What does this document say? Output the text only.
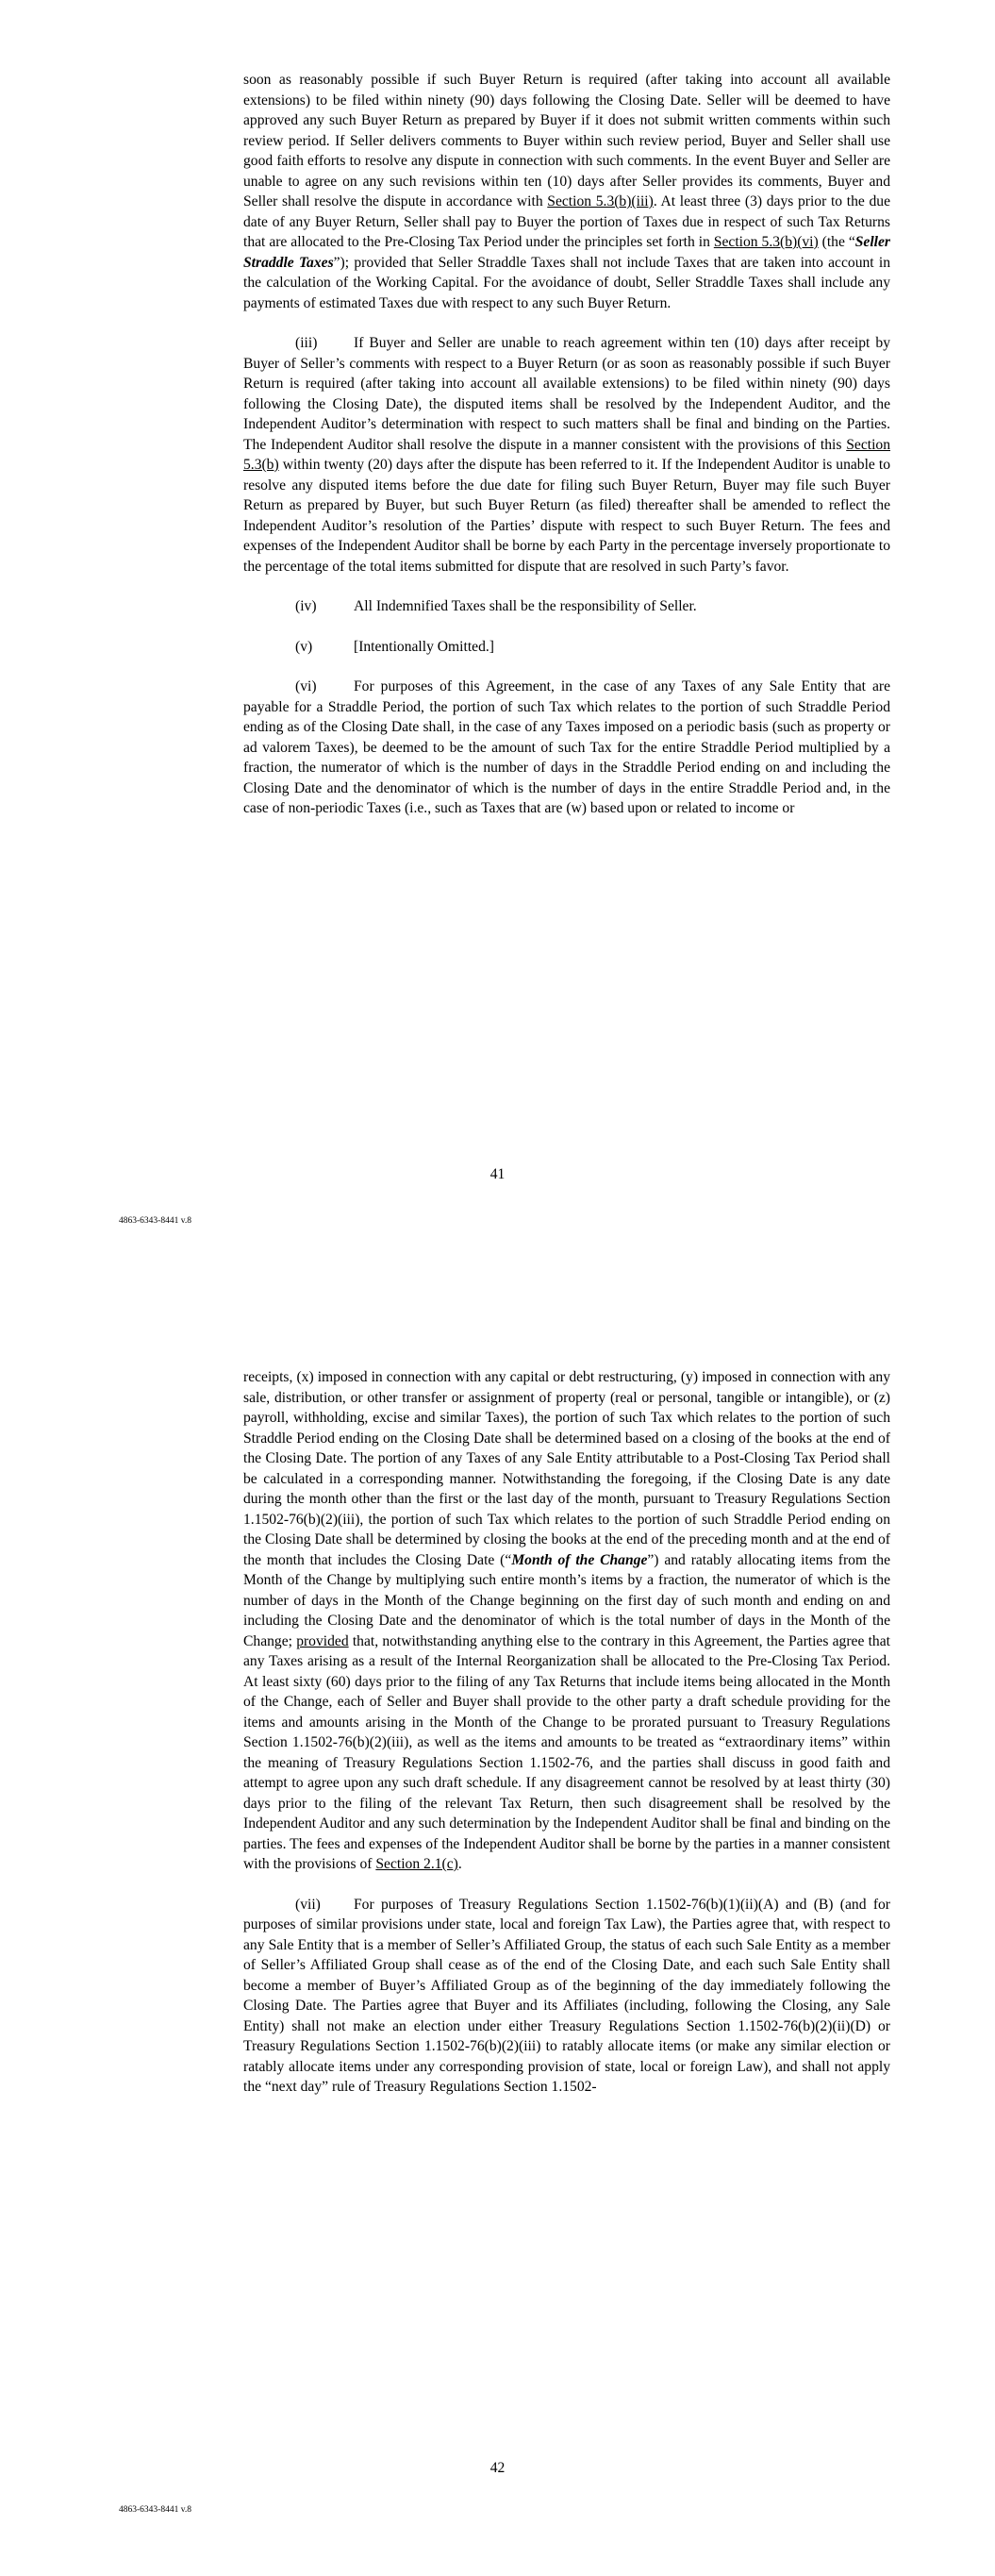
soon as reasonably possible if such Buyer Return is required (after taking into account all available extensions) to be filed within ninety (90) days following the Closing Date. Seller will be deemed to have approved any such Buyer Return as prepared by Buyer if it does not submit written comments within such review period. If Seller delivers comments to Buyer within such review period, Buyer and Seller shall use good faith efforts to resolve any dispute in connection with such comments. In the event Buyer and Seller are unable to agree on any such revisions within ten (10) days after Seller provides its comments, Buyer and Seller shall resolve the dispute in accordance with Section 5.3(b)(iii). At least three (3) days prior to the due date of any Buyer Return, Seller shall pay to Buyer the portion of Taxes due in respect of such Tax Returns that are allocated to the Pre-Closing Tax Period under the principles set forth in Section 5.3(b)(vi) (the “Seller Straddle Taxes”); provided that Seller Straddle Taxes shall not include Taxes that are taken into account in the calculation of the Working Capital. For the avoidance of doubt, Seller Straddle Taxes shall include any payments of estimated Taxes due with respect to any such Buyer Return.

(iii) If Buyer and Seller are unable to reach agreement within ten (10) days after receipt by Buyer of Seller’s comments with respect to a Buyer Return (or as soon as reasonably possible if such Buyer Return is required (after taking into account all available extensions) to be filed within ninety (90) days following the Closing Date), the disputed items shall be resolved by the Independent Auditor, and the Independent Auditor’s determination with respect to such matters shall be final and binding on the Parties. The Independent Auditor shall resolve the dispute in a manner consistent with the provisions of this Section 5.3(b) within twenty (20) days after the dispute has been referred to it. If the Independent Auditor is unable to resolve any disputed items before the due date for filing such Buyer Return, Buyer may file such Buyer Return as prepared by Buyer, but such Buyer Return (as filed) thereafter shall be amended to reflect the Independent Auditor’s resolution of the Parties’ dispute with respect to such Buyer Return. The fees and expenses of the Independent Auditor shall be borne by each Party in the percentage inversely proportionate to the percentage of the total items submitted for dispute that are resolved in such Party’s favor.

(iv)	All Indemnified Taxes shall be the responsibility of Seller.

(v)	[Intentionally Omitted.]

(vi)	For purposes of this Agreement, in the case of any Taxes of any Sale Entity that are payable for a Straddle Period, the portion of such Tax which relates to the portion of such Straddle Period ending as of the Closing Date shall, in the case of any Taxes imposed on a periodic basis (such as property or ad valorem Taxes), be deemed to be the amount of such Tax for the entire Straddle Period multiplied by a fraction, the numerator of which is the number of days in the Straddle Period ending on and including the Closing Date and the denominator of which is the number of days in the entire Straddle Period and, in the case of non-periodic Taxes (i.e., such as Taxes that are (w) based upon or related to income or

41
4863-6343-8441 v.8

receipts, (x) imposed in connection with any capital or debt restructuring, (y) imposed in connection with any sale, distribution, or other transfer or assignment of property (real or personal, tangible or intangible), or (z) payroll, withholding, excise and similar Taxes), the portion of such Tax which relates to the portion of such Straddle Period ending on the Closing Date shall be determined based on a closing of the books at the end of the Closing Date. The portion of any Taxes of any Sale Entity attributable to a Post-Closing Tax Period shall be calculated in a corresponding manner. Notwithstanding the foregoing, if the Closing Date is any date during the month other than the first or the last day of the month, pursuant to Treasury Regulations Section 1.1502-76(b)(2)(iii), the portion of such Tax which relates to the portion of such Straddle Period ending on the Closing Date shall be determined by closing the books at the end of the preceding month and at the end of the month that includes the Closing Date (“Month of the Change”) and ratably allocating items from the Month of the Change by multiplying such entire month’s items by a fraction, the numerator of which is the number of days in the Month of the Change beginning on the first day of such month and ending on and including the Closing Date and the denominator of which is the total number of days in the Month of the Change; provided that, notwithstanding anything else to the contrary in this Agreement, the Parties agree that any Taxes arising as a result of the Internal Reorganization shall be allocated to the Pre-Closing Tax Period. At least sixty (60) days prior to the filing of any Tax Returns that include items being allocated in the Month of the Change, each of Seller and Buyer shall provide to the other party a draft schedule providing for the items and amounts arising in the Month of the Change to be prorated pursuant to Treasury Regulations Section 1.1502-76(b)(2)(iii), as well as the items and amounts to be treated as “extraordinary items” within the meaning of Treasury Regulations Section 1.1502-76, and the parties shall discuss in good faith and attempt to agree upon any such draft schedule. If any disagreement cannot be resolved by at least thirty (30) days prior to the filing of the relevant Tax Return, then such disagreement shall be resolved by the Independent Auditor and any such determination by the Independent Auditor shall be final and binding on the parties. The fees and expenses of the Independent Auditor shall be borne by the parties in a manner consistent with the provisions of Section 2.1(c).

(vii) For purposes of Treasury Regulations Section 1.1502-76(b)(1)(ii)(A) and (B) (and for purposes of similar provisions under state, local and foreign Tax Law), the Parties agree that, with respect to any Sale Entity that is a member of Seller’s Affiliated Group, the status of each such Sale Entity as a member of Seller’s Affiliated Group shall cease as of the end of the Closing Date, and each such Sale Entity shall become a member of Buyer’s Affiliated Group as of the beginning of the day immediately following the Closing Date. The Parties agree that Buyer and its Affiliates (including, following the Closing, any Sale Entity) shall not make an election under either Treasury Regulations Section 1.1502-76(b)(2)(ii)(D) or Treasury Regulations Section 1.1502-76(b)(2)(iii) to ratably allocate items (or make any similar election or ratably allocate items under any corresponding provision of state, local or foreign Law), and shall not apply the “next day” rule of Treasury Regulations Section 1.1502-

42
4863-6343-8441 v.8
